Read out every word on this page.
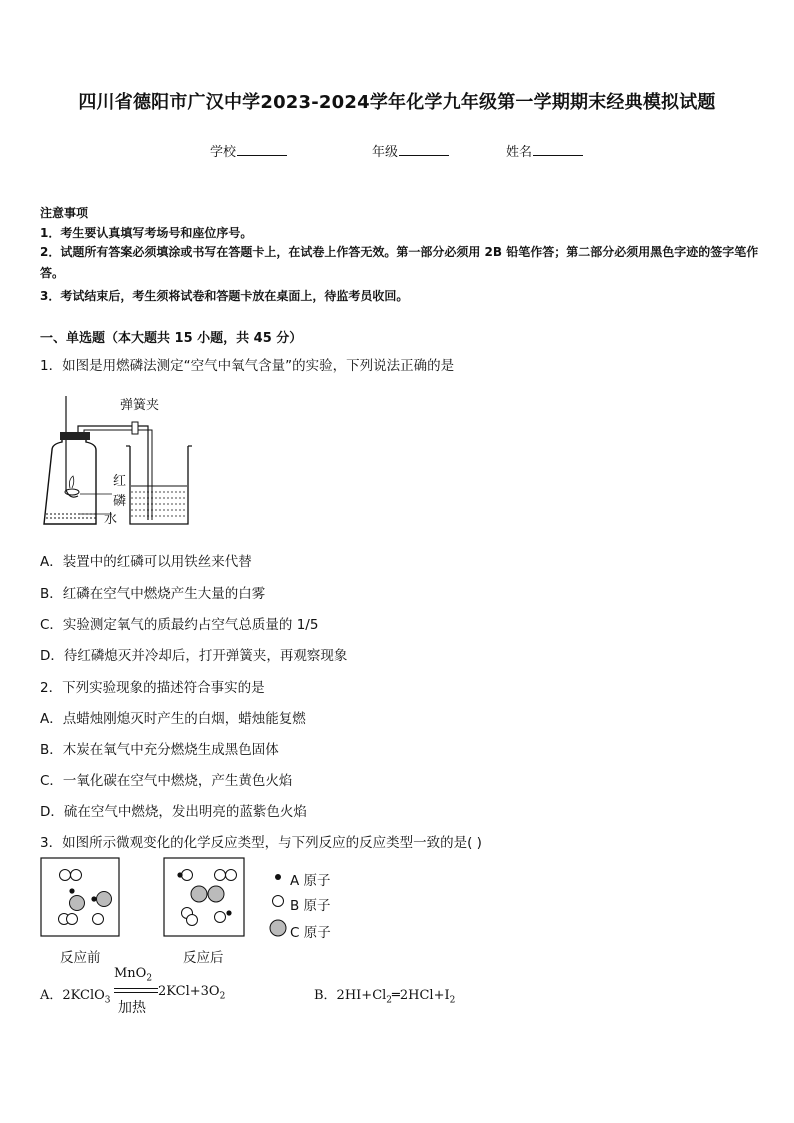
四川省德阳市广汉中学2023-2024学年化学九年级第一学期期末经典模拟试题
学校	年级	姓名
注意事项
1．考生要认真填写考场号和座位序号。
2．试题所有答案必须填涂或书写在答题卡上，在试卷上作答无效。第一部分必须用 2B 铅笔作答；第二部分必须用黑色字迹的签字笔作答。
3．考试结束后，考生须将试卷和答题卡放在桌面上，待监考员收回。
一、单选题（本大题共 15 小题，共 45 分）
1．如图是用燃磷法测定“空气中氧气含量”的实验，下列说法正确的是
弹簧夹
红
磷
水
A．装置中的红磷可以用铁丝来代替
B．红磷在空气中燃烧产生大量的白雾
C．实验测定氧气的质最约占空气总质量的 1/5
D．待红磷熄灭并冷却后，打开弹簧夹，再观察现象
2．下列实验现象的描述符合事实的是
A．点蜡烛刚熄灭时产生的白烟，蜡烛能复燃
B．木炭在氧气中充分燃烧生成黑色固体
C．一氧化碳在空气中燃烧，产生黄色火焰
D．硫在空气中燃烧，发出明亮的蓝紫色火焰
3．如图所示微观变化的化学反应类型，与下列反应的反应类型一致的是( )
A 原子
B 原子
C 原子
反应前	反应后
A．2KClO$_3$
MnO$_2$
加热
$2KCl+3O_2$	B．$2HI+Cl_2═2HCl+I_2$
